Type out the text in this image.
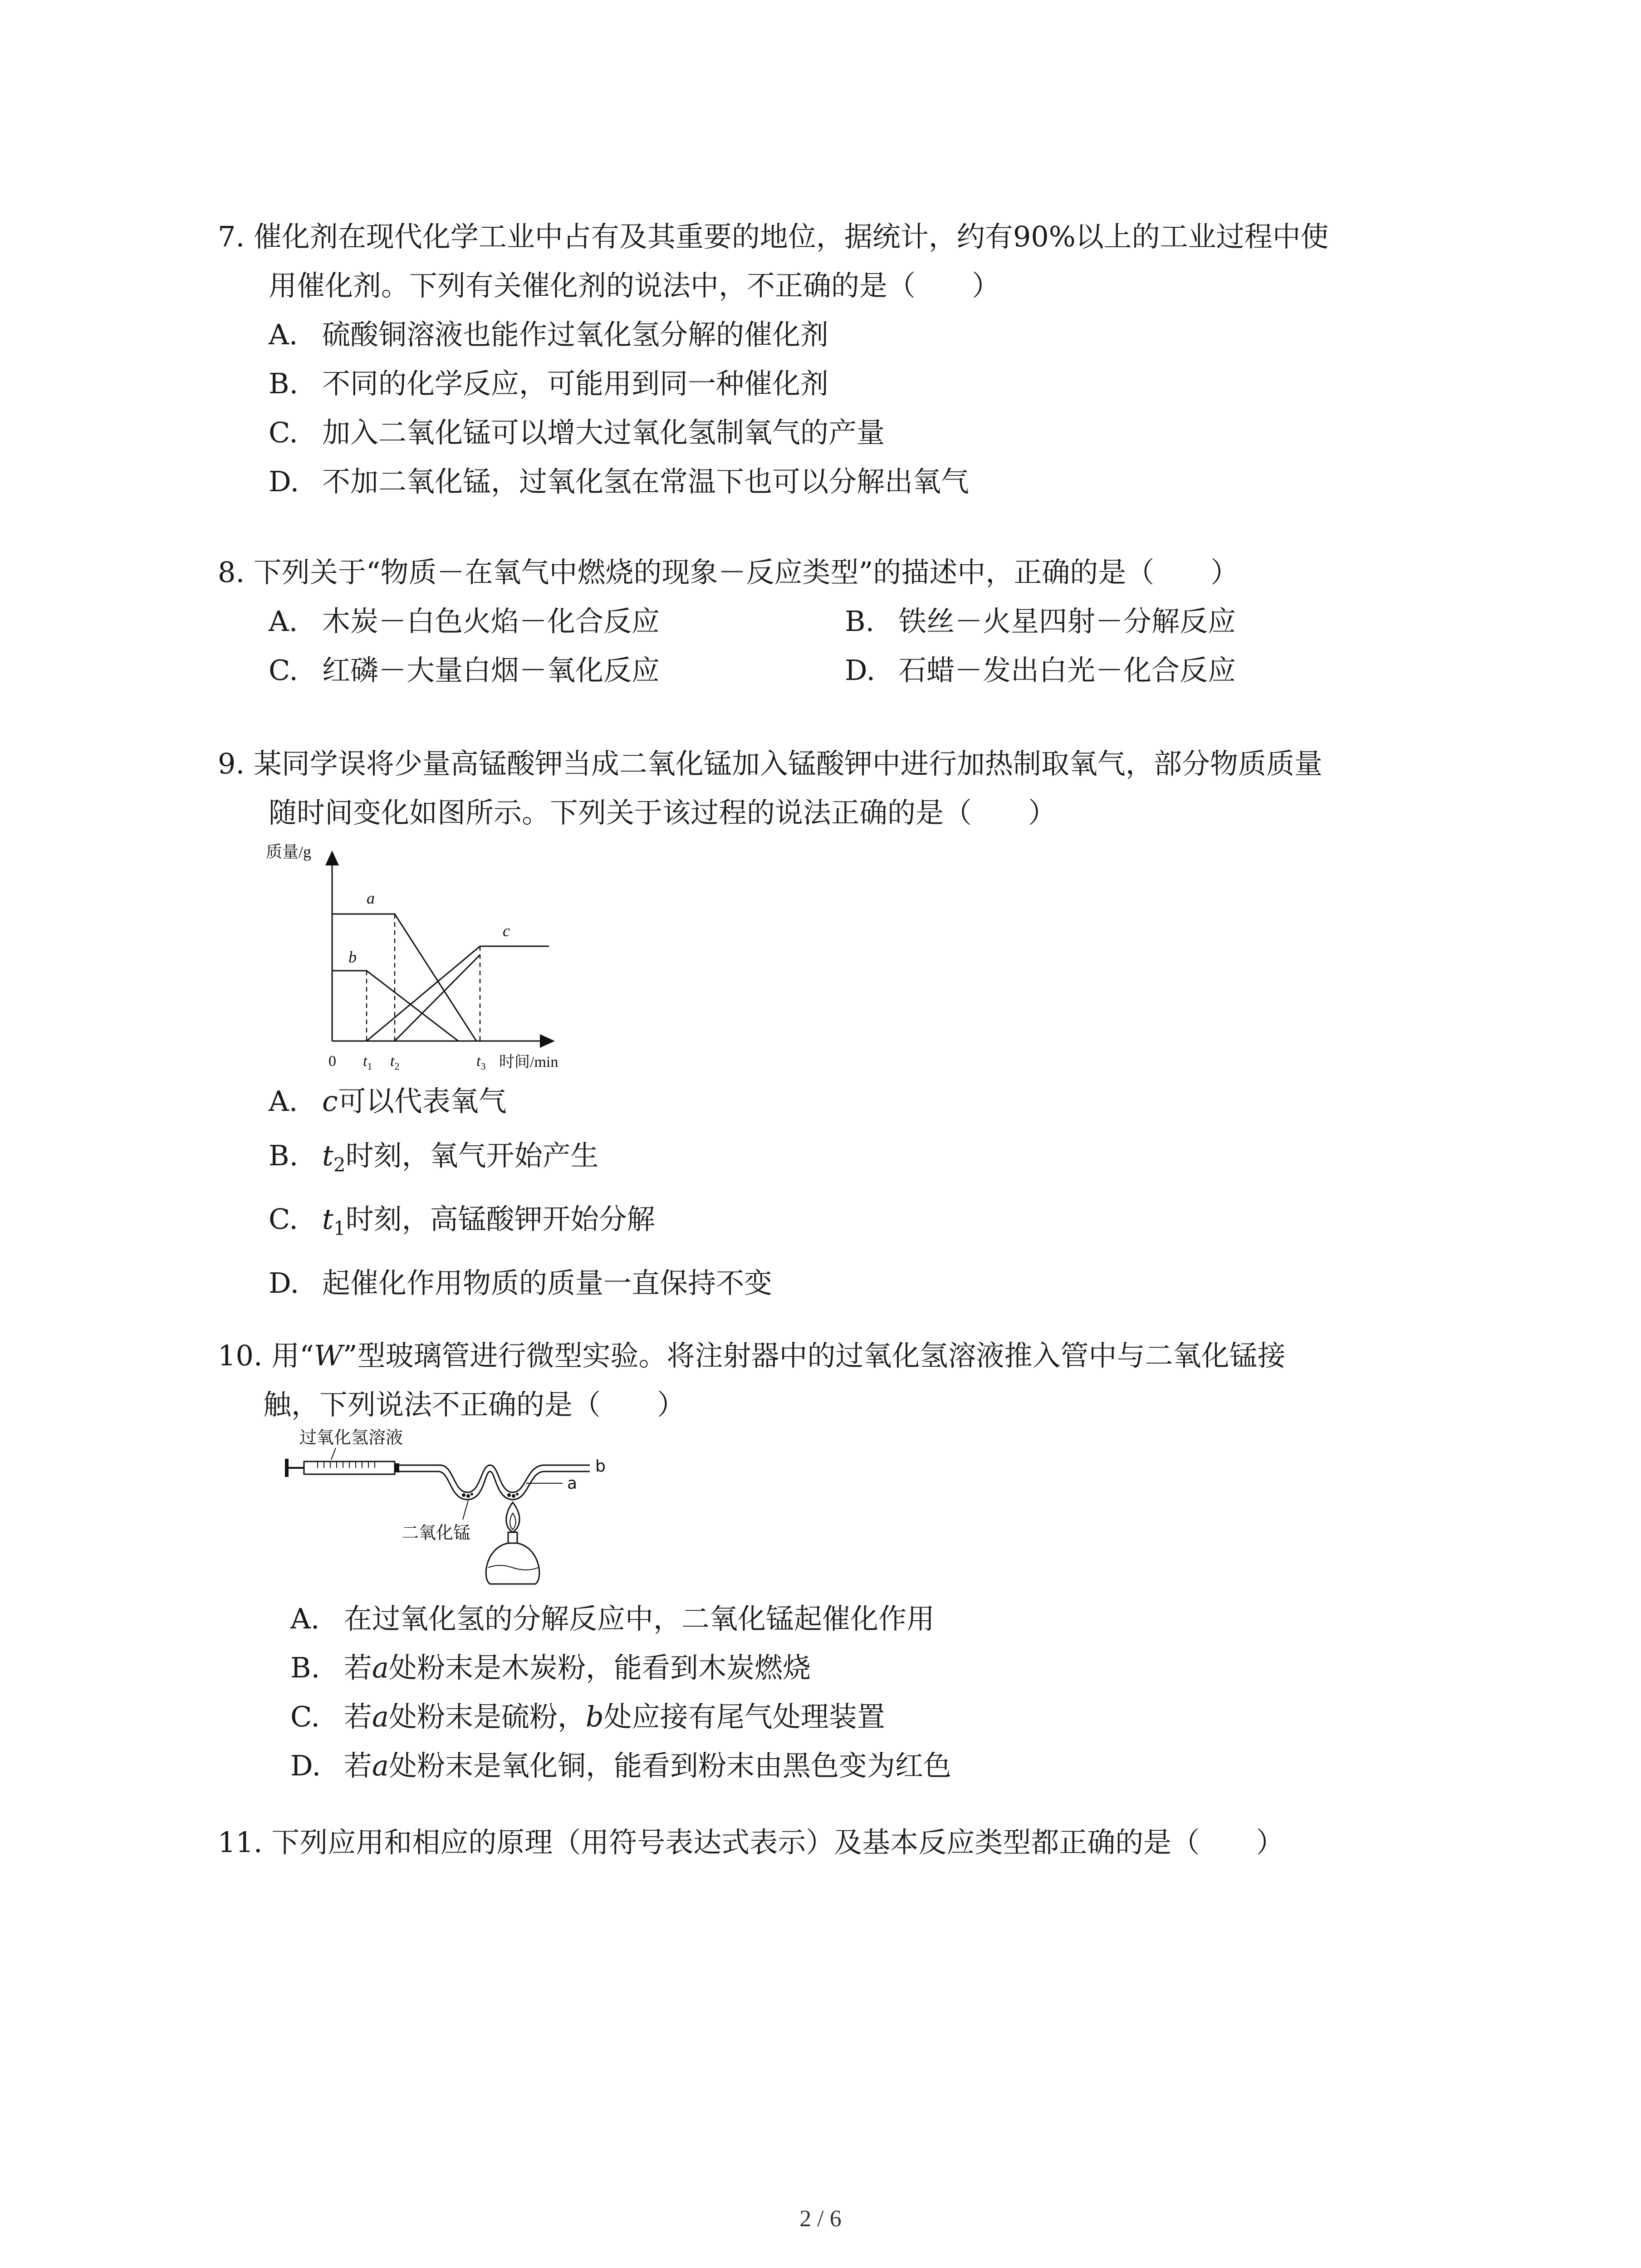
7. 催化剂在现代化学工业中占有及其重要的地位，据统计，约有90%以上的工业过程中使
用催化剂。下列有关催化剂的说法中，不正确的是（　　）
A. 硫酸铜溶液也能作过氧化氢分解的催化剂
B. 不同的化学反应，可能用到同一种催化剂
C. 加入二氧化锰可以增大过氧化氢制氧气的产量
D. 不加二氧化锰，过氧化氢在常温下也可以分解出氧气
8. 下列关于“物质－在氧气中燃烧的现象－反应类型”的描述中，正确的是（　　）
A. 木炭－白色火焰－化合反应	B. 铁丝－火星四射－分解反应
C. 红磷－大量白烟－氧化反应	D. 石蜡－发出白光－化合反应
9. 某同学误将少量高锰酸钾当成二氧化锰加入锰酸钾中进行加热制取氧气，部分物质质量
随时间变化如图所示。下列关于该过程的说法正确的是（　　）
质量/g
a
b
c
0 $t_1$ $t_2$	$t_3$ 时间/min
A. c可以代表氧气
B. $t_2$时刻，氧气开始产生
C. $t_1$时刻，高锰酸钾开始分解
D. 起催化作用物质的质量一直保持不变
10. 用“W”型玻璃管进行微型实验。将注射器中的过氧化氢溶液推入管中与二氧化锰接
触，下列说法不正确的是（　　）
过氧化氢溶液
b
a
二氧化锰
A. 在过氧化氢的分解反应中，二氧化锰起催化作用
B. 若a处粉末是木炭粉，能看到木炭燃烧
C. 若a处粉末是硫粉，b处应接有尾气处理装置
D. 若a处粉末是氧化铜，能看到粉末由黑色变为红色
11. 下列应用和相应的原理（用符号表达式表示）及基本反应类型都正确的是（　　）
2 / 6
